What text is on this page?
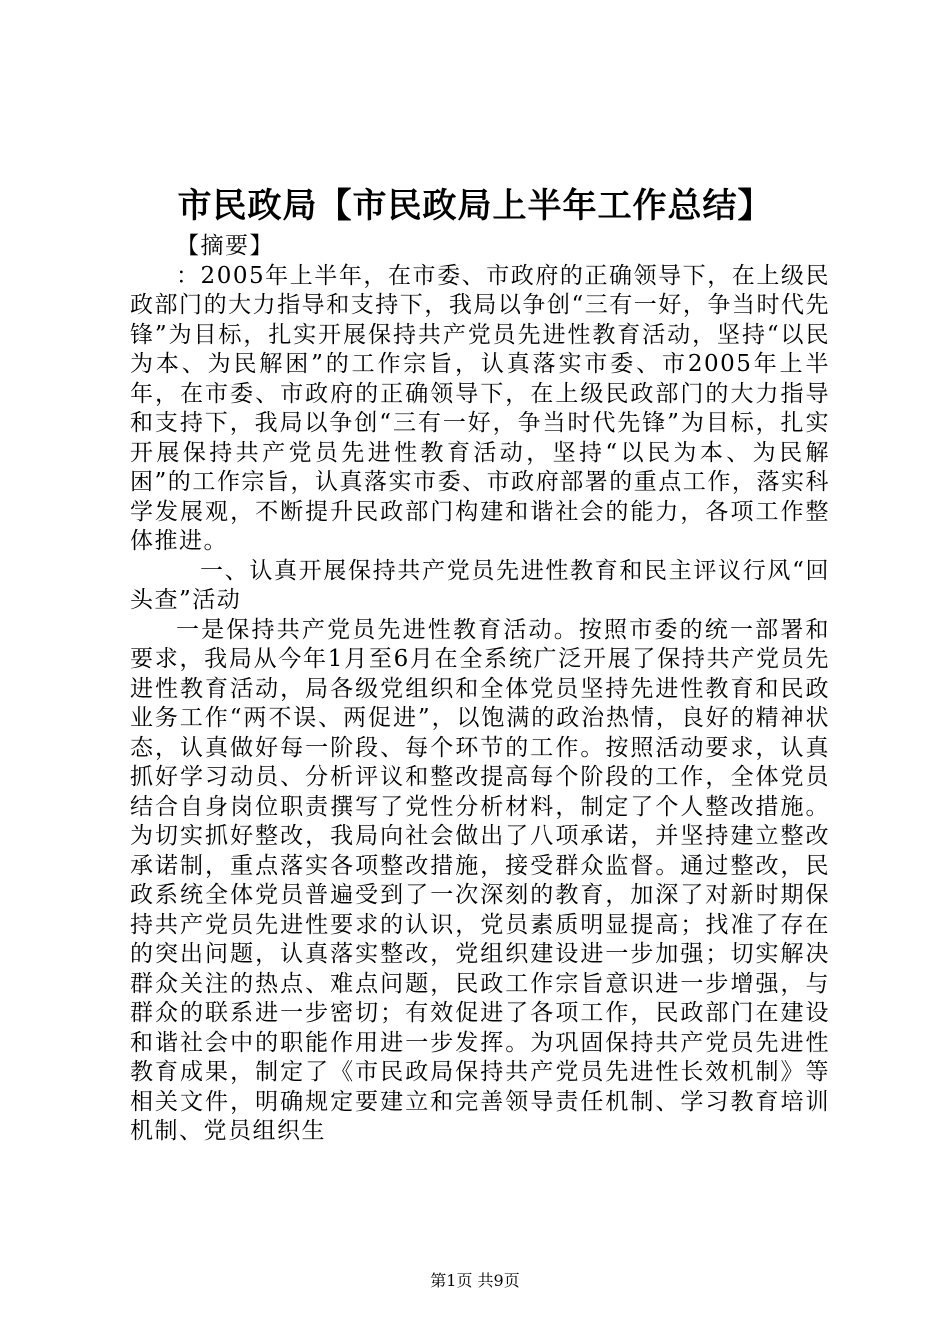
市民政局【市民政局上半年工作总结】

【摘要】

：2005年上半年，在市委、市政府的正确领导下，在上级民政部门的大力指导和支持下，我局以争创“三有一好，争当时代先锋”为目标，扎实开展保持共产党员先进性教育活动，坚持“以民为本、为民解困”的工作宗旨，认真落实市委、市2005年上半年，在市委、市政府的正确领导下，在上级民政部门的大力指导和支持下，我局以争创“三有一好，争当时代先锋”为目标，扎实开展保持共产党员先进性教育活动，坚持“以民为本、为民解困”的工作宗旨，认真落实市委、市政府部署的重点工作，落实科学发展观，不断提升民政部门构建和谐社会的能力，各项工作整体推进。

一、认真开展保持共产党员先进性教育和民主评议行风“回头查”活动

一是保持共产党员先进性教育活动。按照市委的统一部署和要求，我局从今年1月至6月在全系统广泛开展了保持共产党员先进性教育活动，局各级党组织和全体党员坚持先进性教育和民政业务工作“两不误、两促进”，以饱满的政治热情，良好的精神状态，认真做好每一阶段、每个环节的工作。按照活动要求，认真抓好学习动员、分析评议和整改提高每个阶段的工作，全体党员结合自身岗位职责撰写了党性分析材料，制定了个人整改措施。为切实抓好整改，我局向社会做出了八项承诺，并坚持建立整改承诺制，重点落实各项整改措施，接受群众监督。通过整改，民政系统全体党员普遍受到了一次深刻的教育，加深了对新时期保持共产党员先进性要求的认识，党员素质明显提高；找准了存在的突出问题，认真落实整改，党组织建设进一步加强；切实解决群众关注的热点、难点问题，民政工作宗旨意识进一步增强，与群众的联系进一步密切；有效促进了各项工作，民政部门在建设和谐社会中的职能作用进一步发挥。为巩固保持共产党员先进性教育成果，制定了《市民政局保持共产党员先进性长效机制》等相关文件，明确规定要建立和完善领导责任机制、学习教育培训机制、党员组织生

第1页 共9页
